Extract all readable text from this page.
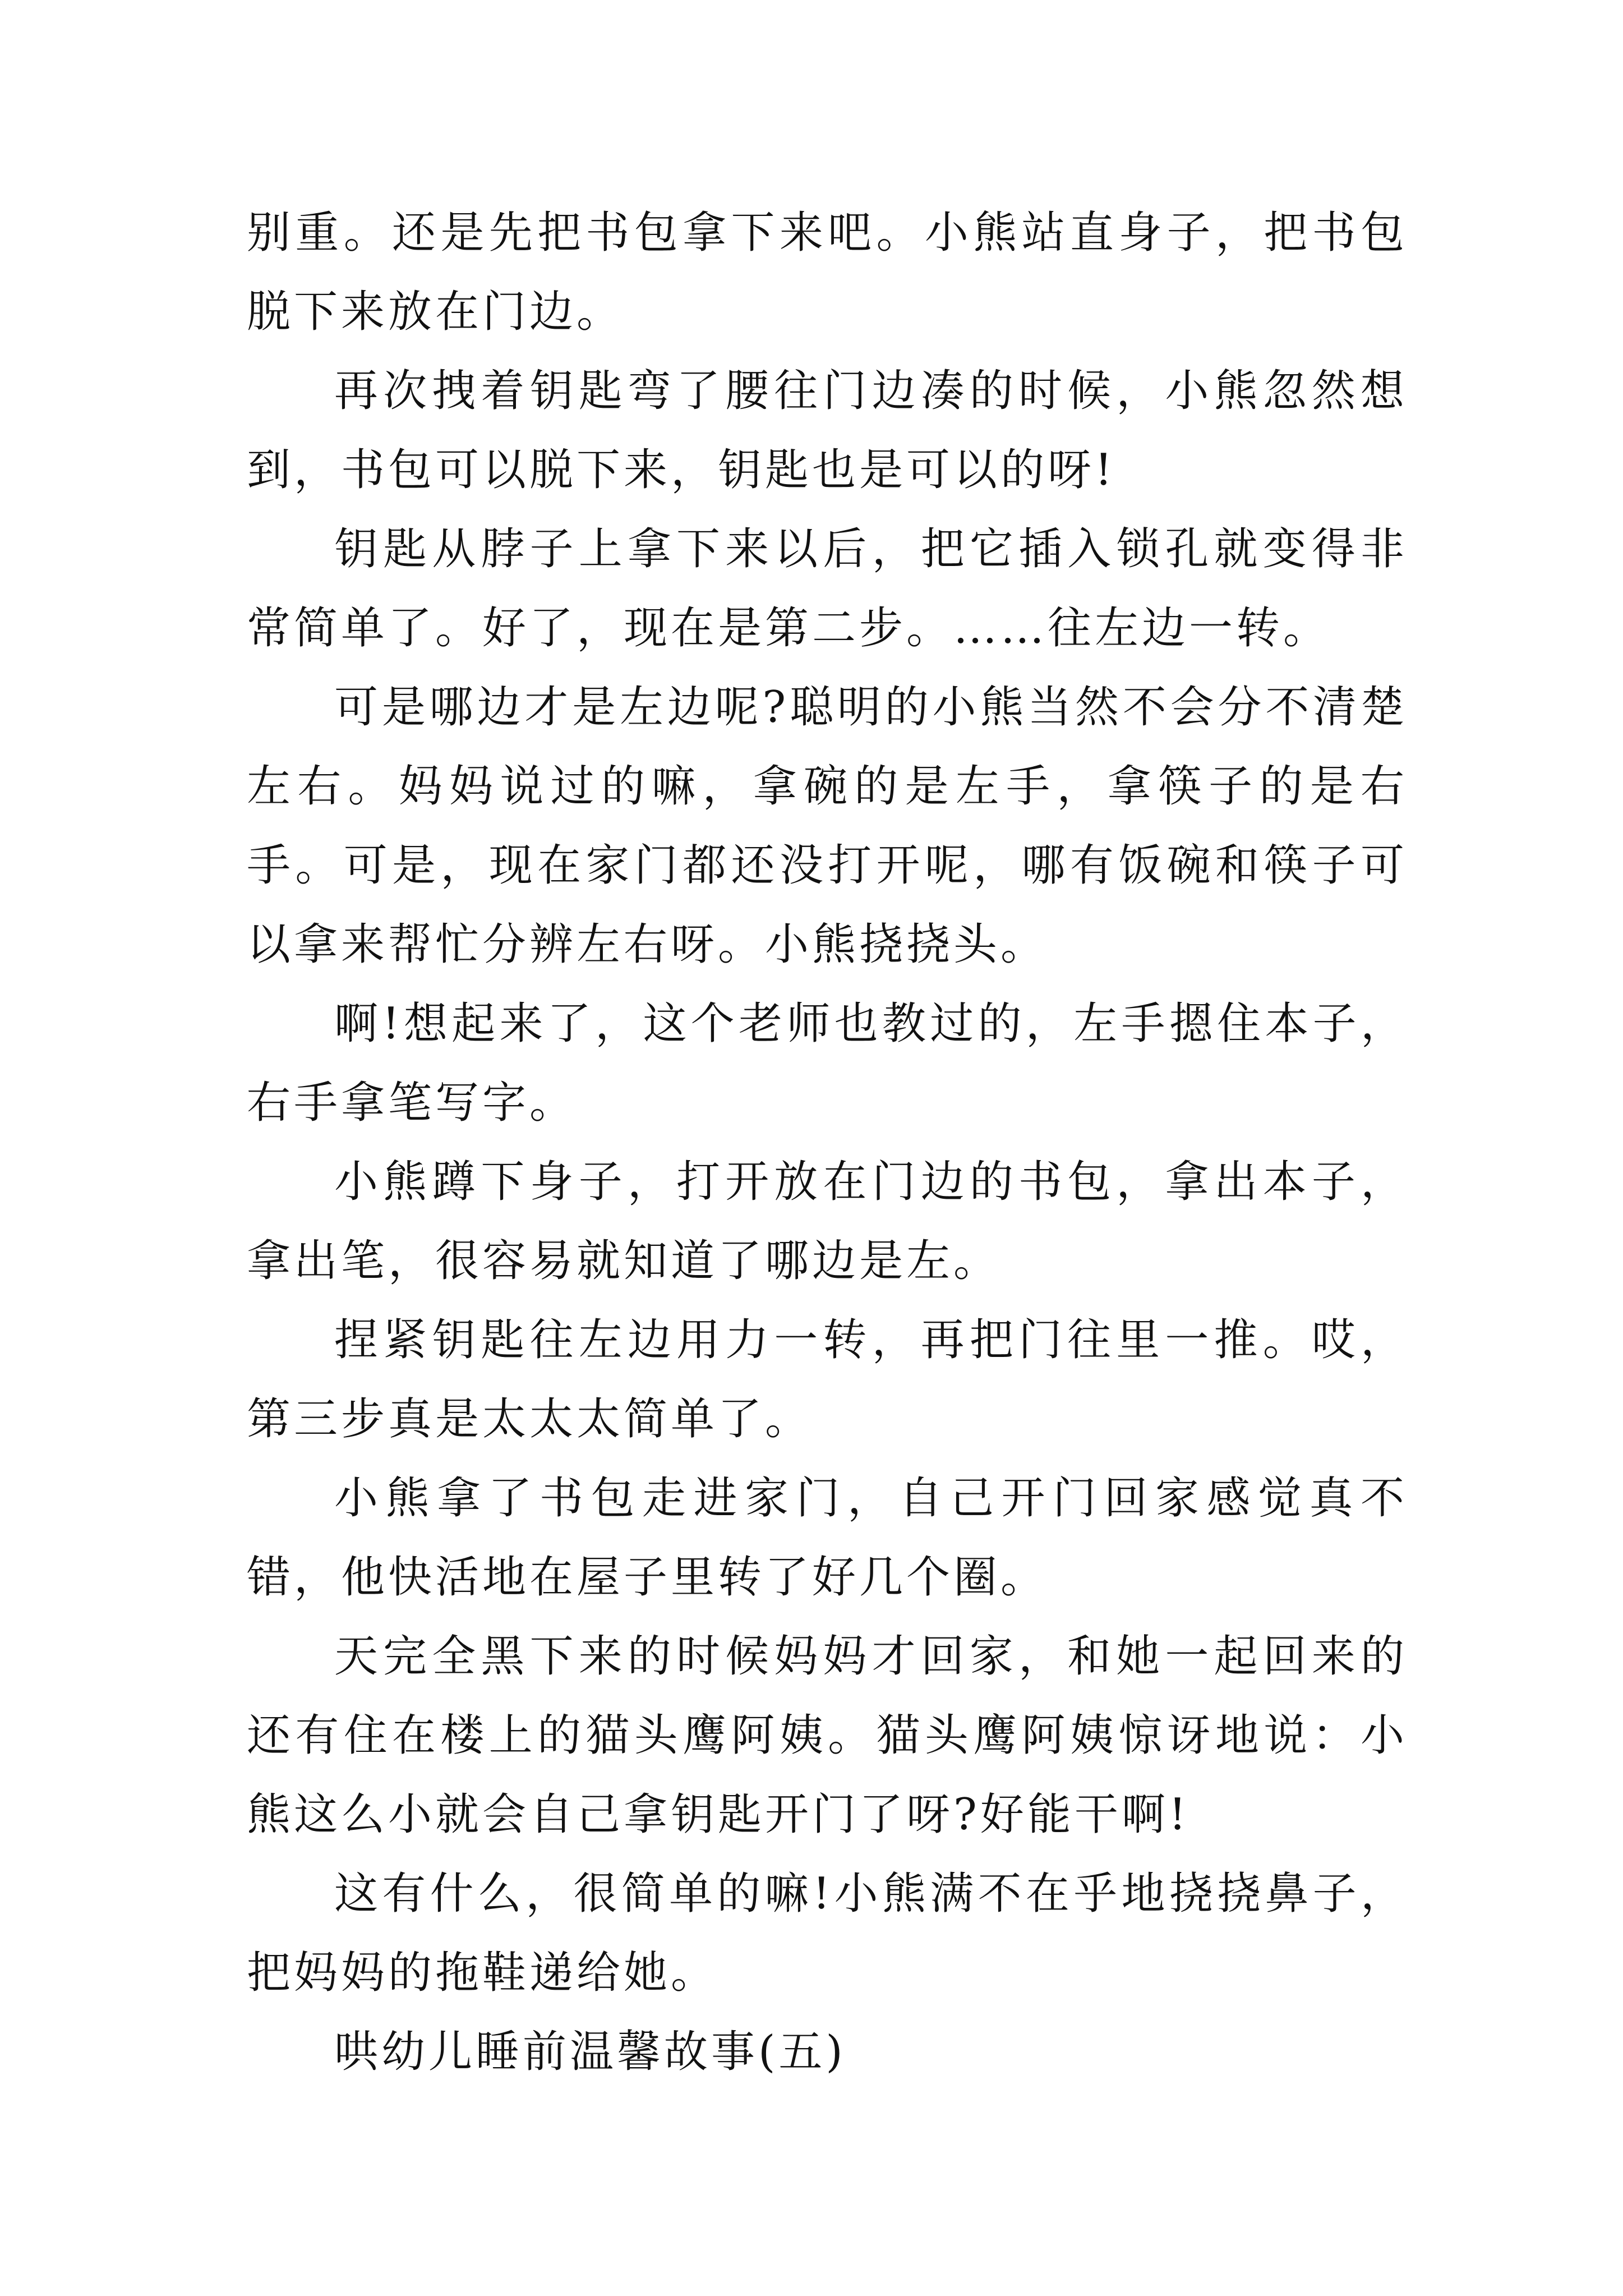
别重。还是先把书包拿下来吧。小熊站直身子，把书包脱下来放在门边。

再次拽着钥匙弯了腰往门边凑的时候，小熊忽然想到，书包可以脱下来，钥匙也是可以的呀!

钥匙从脖子上拿下来以后，把它插入锁孔就变得非常简单了。好了，现在是第二步。……往左边一转。

可是哪边才是左边呢?聪明的小熊当然不会分不清楚左右。妈妈说过的嘛，拿碗的是左手，拿筷子的是右手。可是，现在家门都还没打开呢，哪有饭碗和筷子可以拿来帮忙分辨左右呀。小熊挠挠头。

啊!想起来了，这个老师也教过的，左手摁住本子，右手拿笔写字。

小熊蹲下身子，打开放在门边的书包，拿出本子，拿出笔，很容易就知道了哪边是左。

捏紧钥匙往左边用力一转，再把门往里一推。哎，第三步真是太太太简单了。

小熊拿了书包走进家门，自己开门回家感觉真不错，他快活地在屋子里转了好几个圈。

天完全黑下来的时候妈妈才回家，和她一起回来的还有住在楼上的猫头鹰阿姨。猫头鹰阿姨惊讶地说：小熊这么小就会自己拿钥匙开门了呀?好能干啊!

这有什么，很简单的嘛!小熊满不在乎地挠挠鼻子，把妈妈的拖鞋递给她。

哄幼儿睡前温馨故事(五)
